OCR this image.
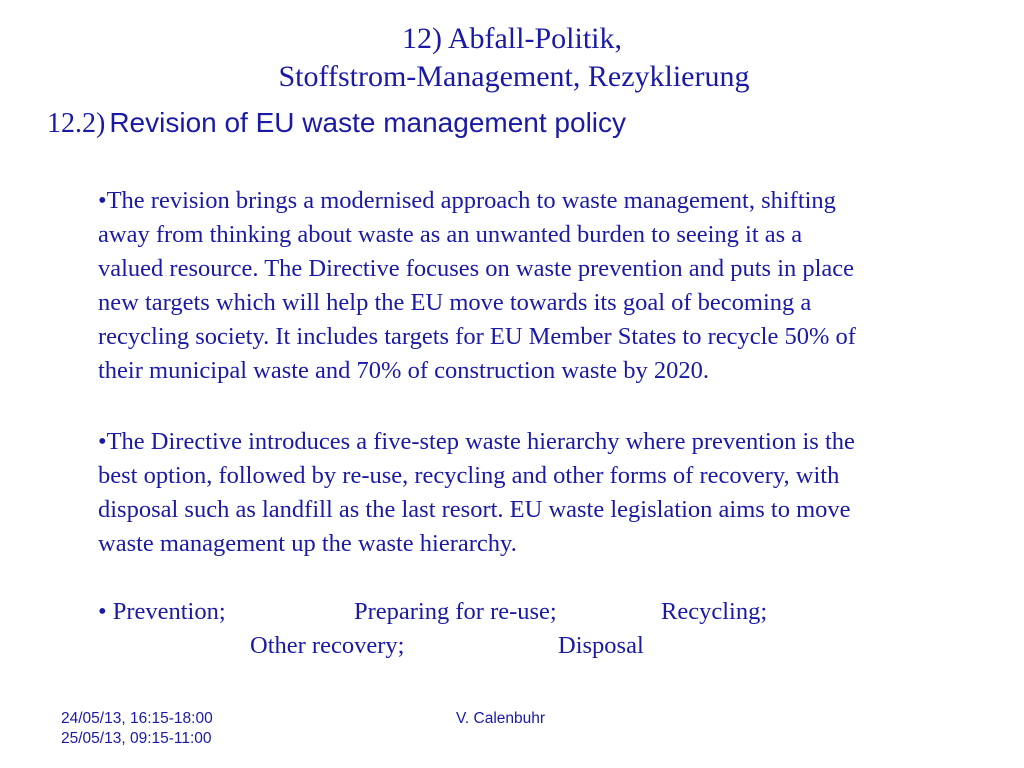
12) Abfall-Politik,
Stoffstrom-Management, Rezyklierung
12.2) Revision of EU waste management policy
•The revision brings a modernised approach to waste management, shifting
away from thinking about waste as an unwanted burden to seeing it as a
valued resource. The Directive focuses on waste prevention and puts in place
new targets which will help the EU move towards its goal of becoming a
recycling society. It includes targets for EU Member States to recycle 50% of
their municipal waste and 70% of construction waste by 2020.
•The Directive introduces a five-step waste hierarchy where prevention is the
best option, followed by re-use, recycling and other forms of recovery, with
disposal such as landfill as the last resort. EU waste legislation aims to move
waste management up the waste hierarchy.
• Prevention;	Preparing for re-use;	Recycling;
Other recovery;	Disposal
24/05/13, 16:15-18:00
25/05/13, 09:15-11:00
V. Calenbuhr
